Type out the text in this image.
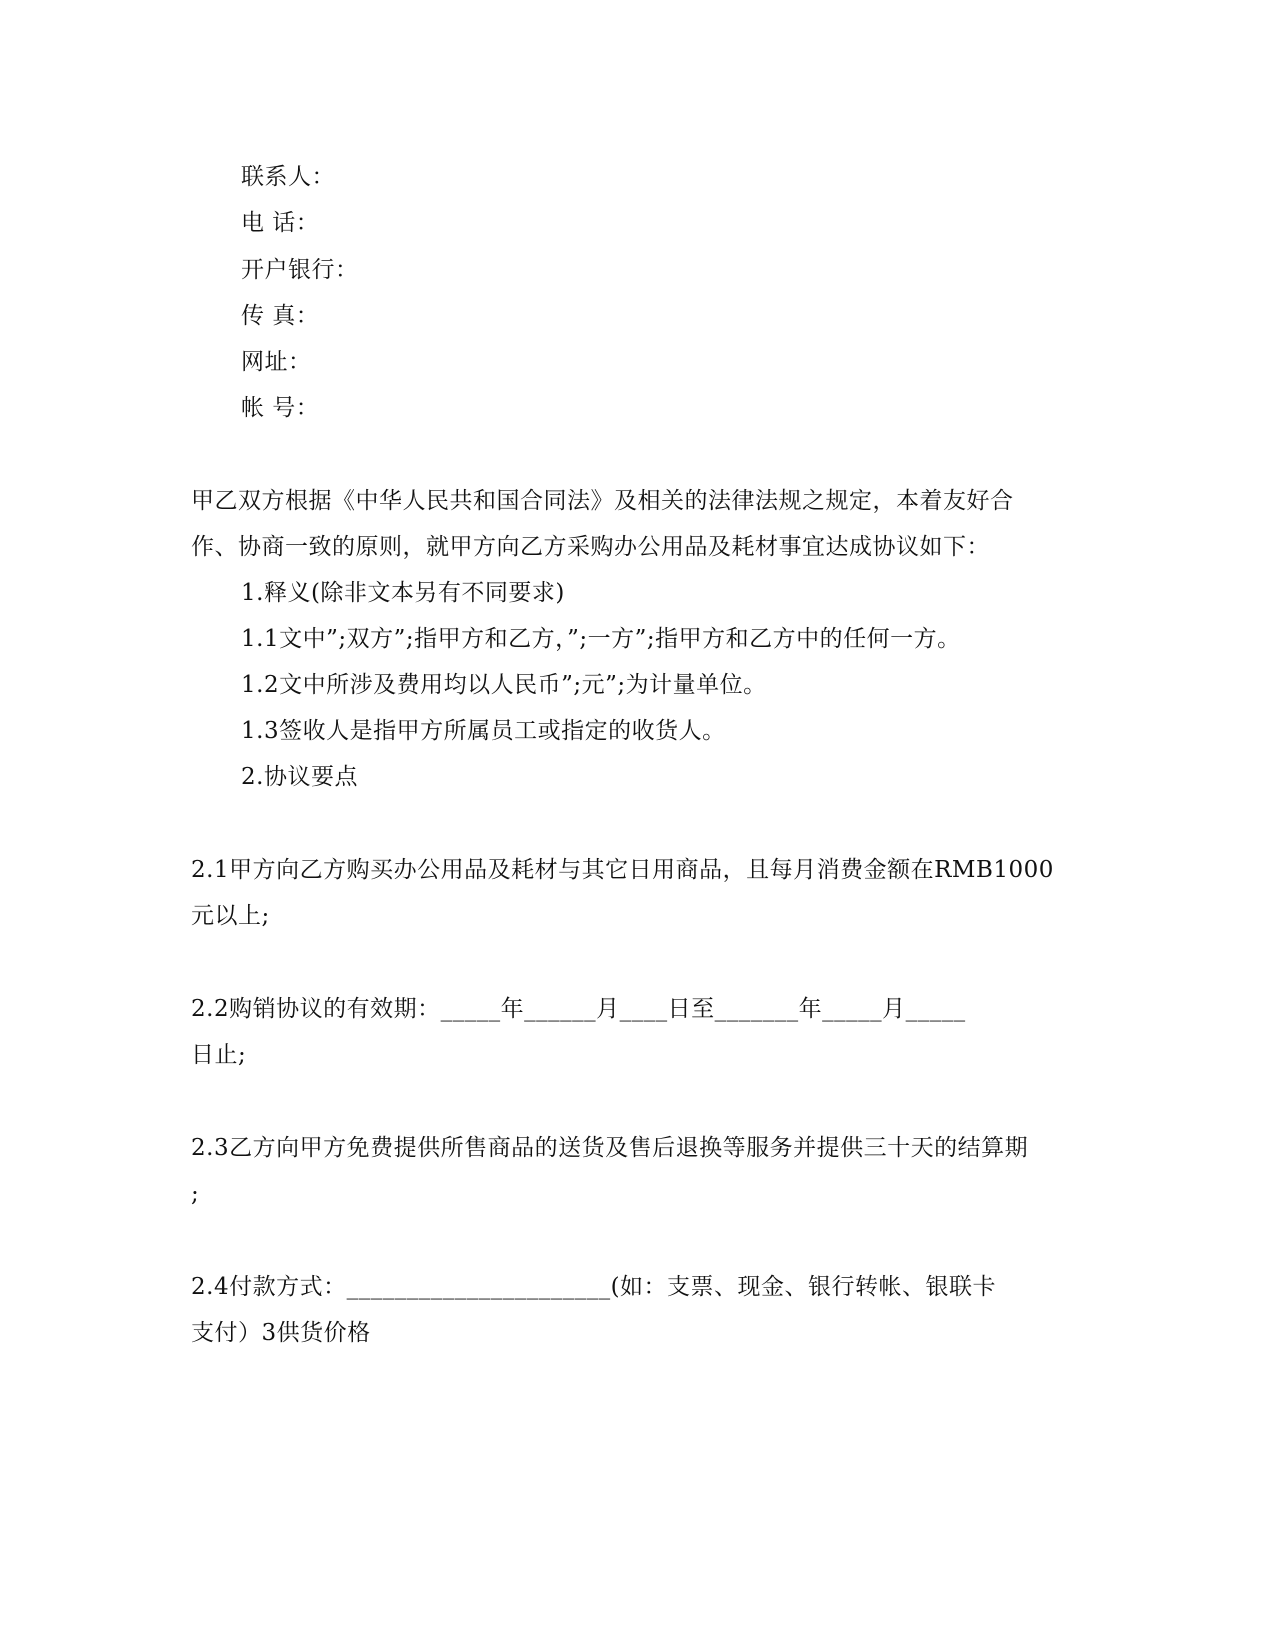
联系人：
电 话：
开户银行：
传 真：
网址：
帐 号：
甲乙双方根据《中华人民共和国合同法》及相关的法律法规之规定，本着友好合
作、协商一致的原则，就甲方向乙方采购办公用品及耗材事宜达成协议如下：
1.释义(除非文本另有不同要求)
1.1文中”;双方”;指甲方和乙方，”;一方”;指甲方和乙方中的任何一方。
1.2文中所涉及费用均以人民币”;元”;为计量单位。
1.3签收人是指甲方所属员工或指定的收货人。
2.协议要点
2.1甲方向乙方购买办公用品及耗材与其它日用商品，且每月消费金额在RMB1000
元以上;
2.2购销协议的有效期：_____年______月____日至_______年_____月_____
日止;
2.3乙方向甲方免费提供所售商品的送货及售后退换等服务并提供三十天的结算期
;
2.4付款方式：______________________(如：支票、现金、银行转帐、银联卡
支付）3供货价格
